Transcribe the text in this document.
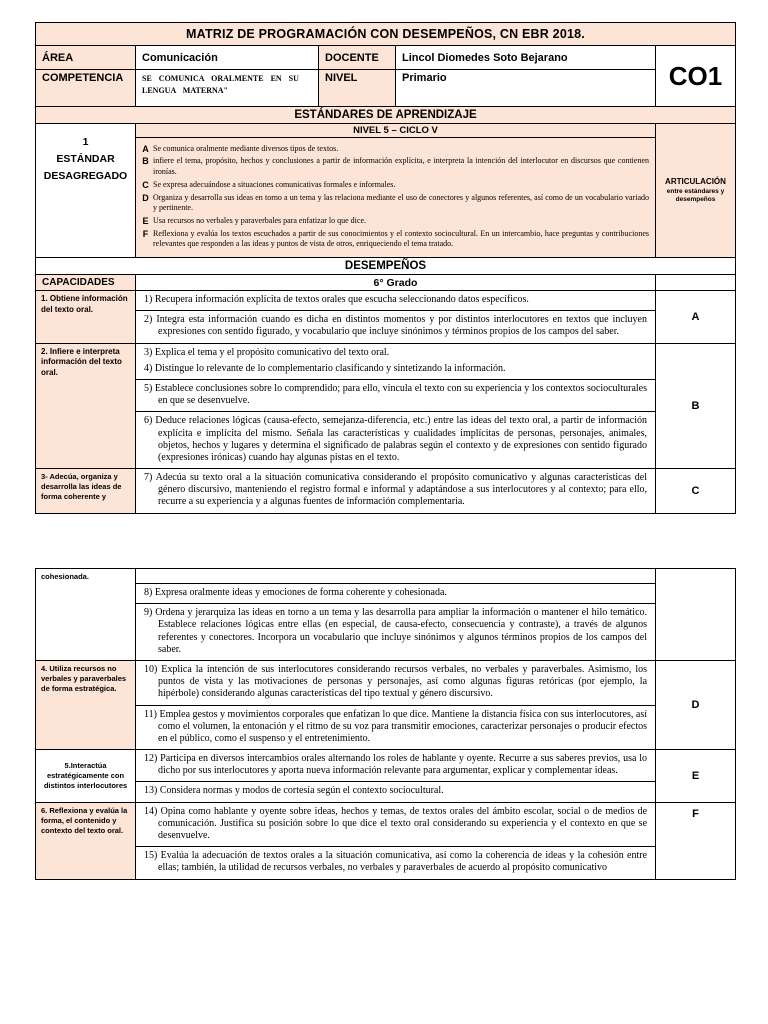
MATRIZ DE PROGRAMACIÓN CON DESEMPEÑOS, CN EBR 2018.				
ÁREA	Comunicación	DOCENTE	Lincol Diomedes Soto Bejarano	CO1
COMPETENCIA	SE COMUNICA ORALMENTE EN SU LENGUA MATERNA"	NIVEL	Primario	
ESTÁNDARES DE APRENDIZAJE				

1
ESTÁNDAR
DESAGREGADO
	NIVEL 5 – CICLO V	
ARTICULACIÓN
entre estándares y
desempeños

A Se comunica oralmente mediante diversos tipos de textos.
B infiere el tema, propósito, hechos y conclusiones a partir de información explícita, e interpreta la intención del interlocutor en discursos que contienen ironías.
C Se expresa adecuándose a situaciones comunicativas formales e informales.
D Organiza y desarrolla sus ideas en torno a un tema y las relaciona mediante el uso de conectores y algunos referentes, así como de un vocabulario variado y pertinente.
E Usa recursos no verbales y paraverbales para enfatizar lo que dice.
F Reflexiona y evalúa los textos escuchados a partir de sus conocimientos y el contexto sociocultural. En un intercambio, hace preguntas y contribuciones relevantes que responden a las ideas y puntos de vista de otros, enriqueciendo el tema tratado.

DESEMPEÑOS				
CAPACIDADES	6° Grado			
1. Obtiene información del texto oral.	1) Recupera información explícita de textos orales que escucha seleccionando datos específicos.
2) Integra esta información cuando es dicha en distintos momentos y por distintos interlocutores en textos que incluyen expresiones con sentido figurado, y vocabulario que incluye sinónimos y términos propios de los campos del saber.			A
2. Infiere e interpreta información del texto oral.	3) Explica el tema y el propósito comunicativo del texto oral.
4) Distingue lo relevante de lo complementario clasificando y sintetizando la información.
5) Establece conclusiones sobre lo comprendido; para ello, vincula el texto con su experiencia y los contextos socioculturales en que se desenvuelve.
6) Deduce relaciones lógicas (causa-efecto, semejanza-diferencia, etc.) entre las ideas del texto oral, a partir de información explícita e implícita del mismo. Señala las características y cualidades implícitas de personas, personajes, animales, objetos, hechos y lugares y determina el significado de palabras según el contexto y de expresiones con sentido figurado (expresiones irónicas) cuando hay algunas pistas en el texto.			B
3- Adecúa, organiza y desarrolla las ideas de forma coherente y	7) Adecúa su texto oral a la situación comunicativa considerando el propósito comunicativo y algunas características del género discursivo, manteniendo el registro formal e informal y adaptándose a sus interlocutores y al contexto; para ello, recurre a su experiencia y a algunas fuentes de información complementaria.			C
cohesionada.		

	8) Expresa oralmente ideas y emociones de forma coherente y cohesionada.	

	9) Ordena y jerarquiza las ideas en torno a un tema y las desarrolla para ampliar la información o mantener el hilo temático. Establece relaciones lógicas entre ellas (en especial, de causa-efecto, consecuencia y contraste), a través de algunos referentes y conectores. Incorpora un vocabulario que incluye sinónimos y algunos términos propios de los campos del saber.	

4. Utiliza recursos no verbales y paraverbales de forma estratégica.	10) Explica la intención de sus interlocutores considerando recursos verbales, no verbales y paraverbales. Asimismo, los puntos de vista y las motivaciones de personas y personajes, así como algunas figuras retóricas (por ejemplo, la hipérbole) considerando algunas características del tipo textual y género discursivo.
11) Emplea gestos y movimientos corporales que enfatizan lo que dice. Mantiene la distancia física con sus interlocutores, así como el volumen, la entonación y el ritmo de su voz para transmitir emociones, caracterizar personajes o producir efectos en el público, como el suspenso y el entretenimiento.	D
5.Interactúa estratégicamente con distintos interlocutores	12) Participa en diversos intercambios orales alternando los roles de hablante y oyente. Recurre a sus saberes previos, usa lo dicho por sus interlocutores y aporta nueva información relevante para argumentar, explicar y complementar ideas.
13) Considera normas y modos de cortesía según el contexto sociocultural.	E
6. Reflexiona y evalúa la forma, el contenido y contexto del texto oral.	14) Opina como hablante y oyente sobre ideas, hechos y temas, de textos orales del ámbito escolar, social o de medios de comunicación. Justifica su posición sobre lo que dice el texto oral considerando su experiencia y el contexto en que se desenvuelve.
15) Evalúa la adecuación de textos orales a la situación comunicativa, así como la coherencia de ideas y la cohesión entre ellas; también, la utilidad de recursos verbales, no verbales y paraverbales de acuerdo al propósito comunicativo	F
